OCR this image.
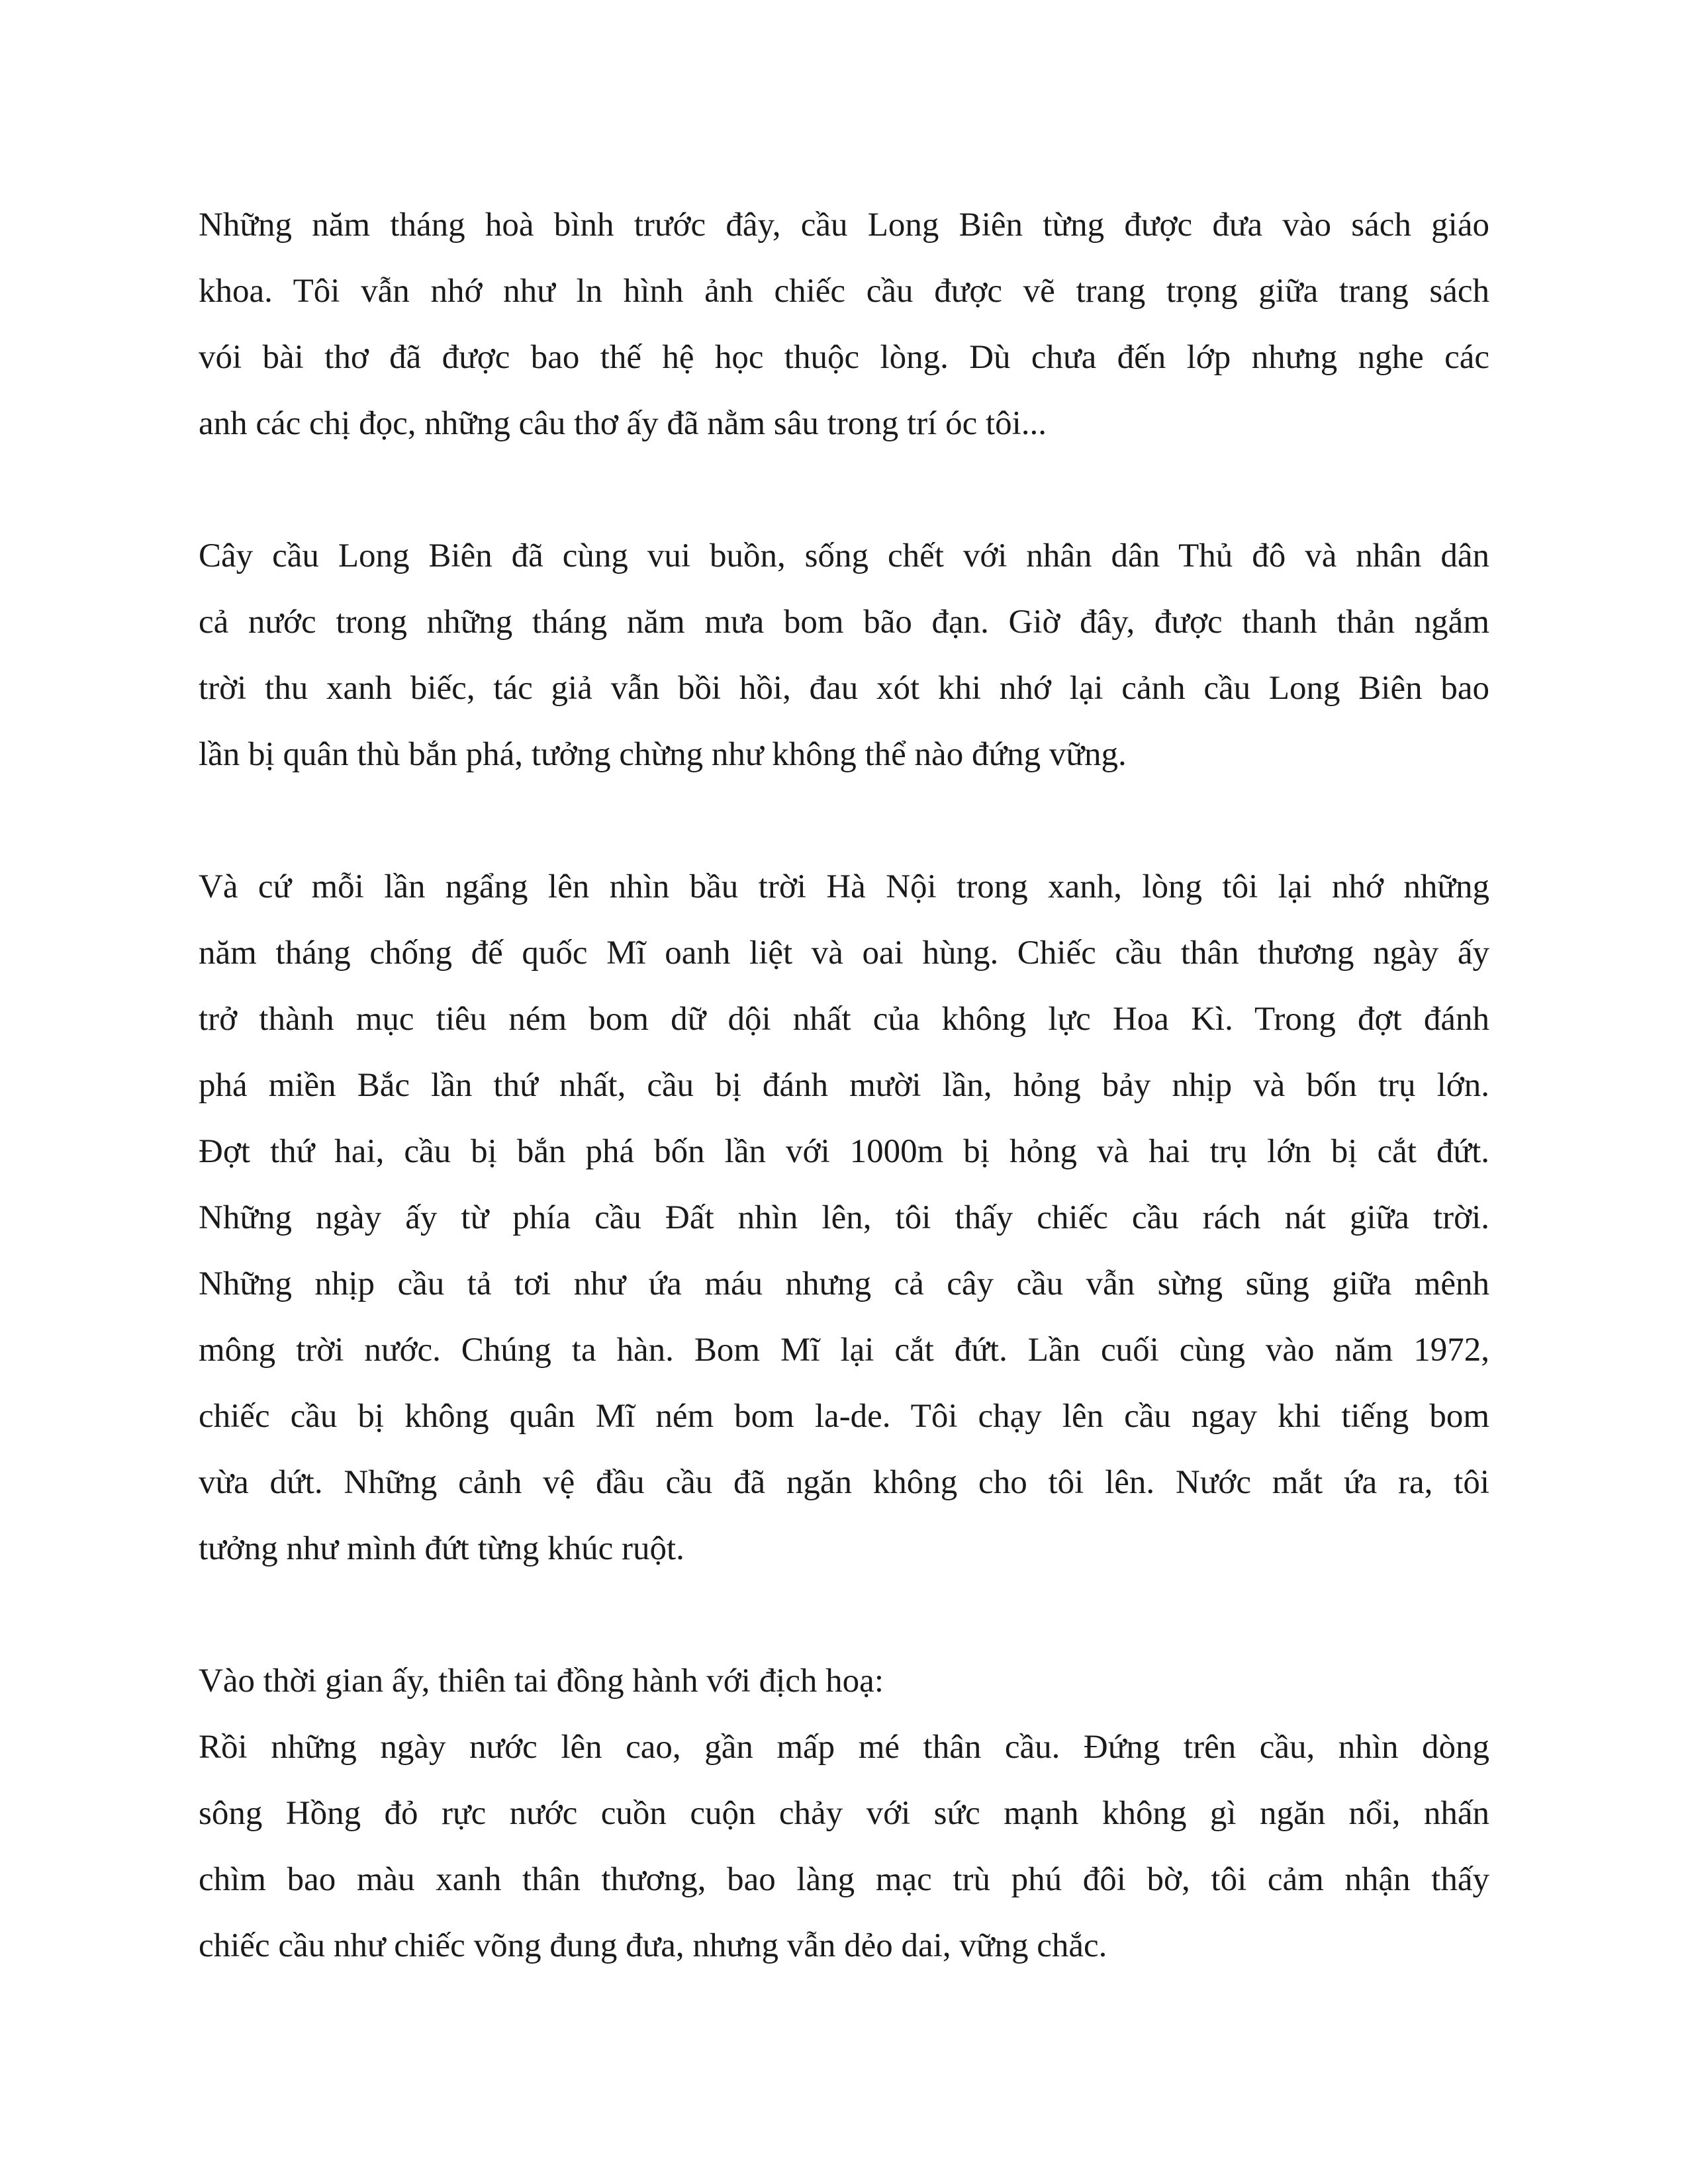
Những năm tháng hoà bình trước đây, cầu Long Biên từng được đưa vào sách giáo
khoa. Tôi vẫn nhớ như ln hình ảnh chiếc cầu được vẽ trang trọng giữa trang sách
vói bài thơ đã được bao thế hệ học thuộc lòng. Dù chưa đến lớp nhưng nghe các
anh các chị đọc, những câu thơ ấy đã nằm sâu trong trí óc tôi...
Cây cầu Long Biên đã cùng vui buồn, sống chết với nhân dân Thủ đô và nhân dân
cả nước trong những tháng năm mưa bom bão đạn. Giờ đây, được thanh thản ngắm
trời thu xanh biếc, tác giả vẫn bồi hồi, đau xót khi nhớ lại cảnh cầu Long Biên bao
lần bị quân thù bắn phá, tưởng chừng như không thể nào đứng vững.
Và cứ mỗi lần ngẩng lên nhìn bầu trời Hà Nội trong xanh, lòng tôi lại nhớ những
năm tháng chống đế quốc Mĩ oanh liệt và oai hùng. Chiếc cầu thân thương ngày ấy
trở thành mục tiêu ném bom dữ dội nhất của không lực Hoa Kì. Trong đợt đánh
phá miền Bắc lần thứ nhất, cầu bị đánh mười lần, hỏng bảy nhịp và bốn trụ lớn.
Đợt thứ hai, cầu bị bắn phá bốn lần với 1000m bị hỏng và hai trụ lớn bị cắt đứt.
Những ngày ấy từ phía cầu Đất nhìn lên, tôi thấy chiếc cầu rách nát giữa trời.
Những nhịp cầu tả tơi như ứa máu nhưng cả cây cầu vẫn sừng sũng giữa mênh
mông trời nước. Chúng ta hàn. Bom Mĩ lại cắt đứt. Lần cuối cùng vào năm 1972,
chiếc cầu bị không quân Mĩ ném bom la-de. Tôi chạy lên cầu ngay khi tiếng bom
vừa dứt. Những cảnh vệ đầu cầu đã ngăn không cho tôi lên. Nước mắt ứa ra, tôi
tưởng như mình đứt từng khúc ruột.
Vào thời gian ấy, thiên tai đồng hành với địch hoạ:
Rồi những ngày nước lên cao, gần mấp mé thân cầu. Đứng trên cầu, nhìn dòng
sông Hồng đỏ rực nước cuồn cuộn chảy với sức mạnh không gì ngăn nổi, nhấn
chìm bao màu xanh thân thương, bao làng mạc trù phú đôi bờ, tôi cảm nhận thấy
chiếc cầu như chiếc võng đung đưa, nhưng vẫn dẻo dai, vững chắc.
